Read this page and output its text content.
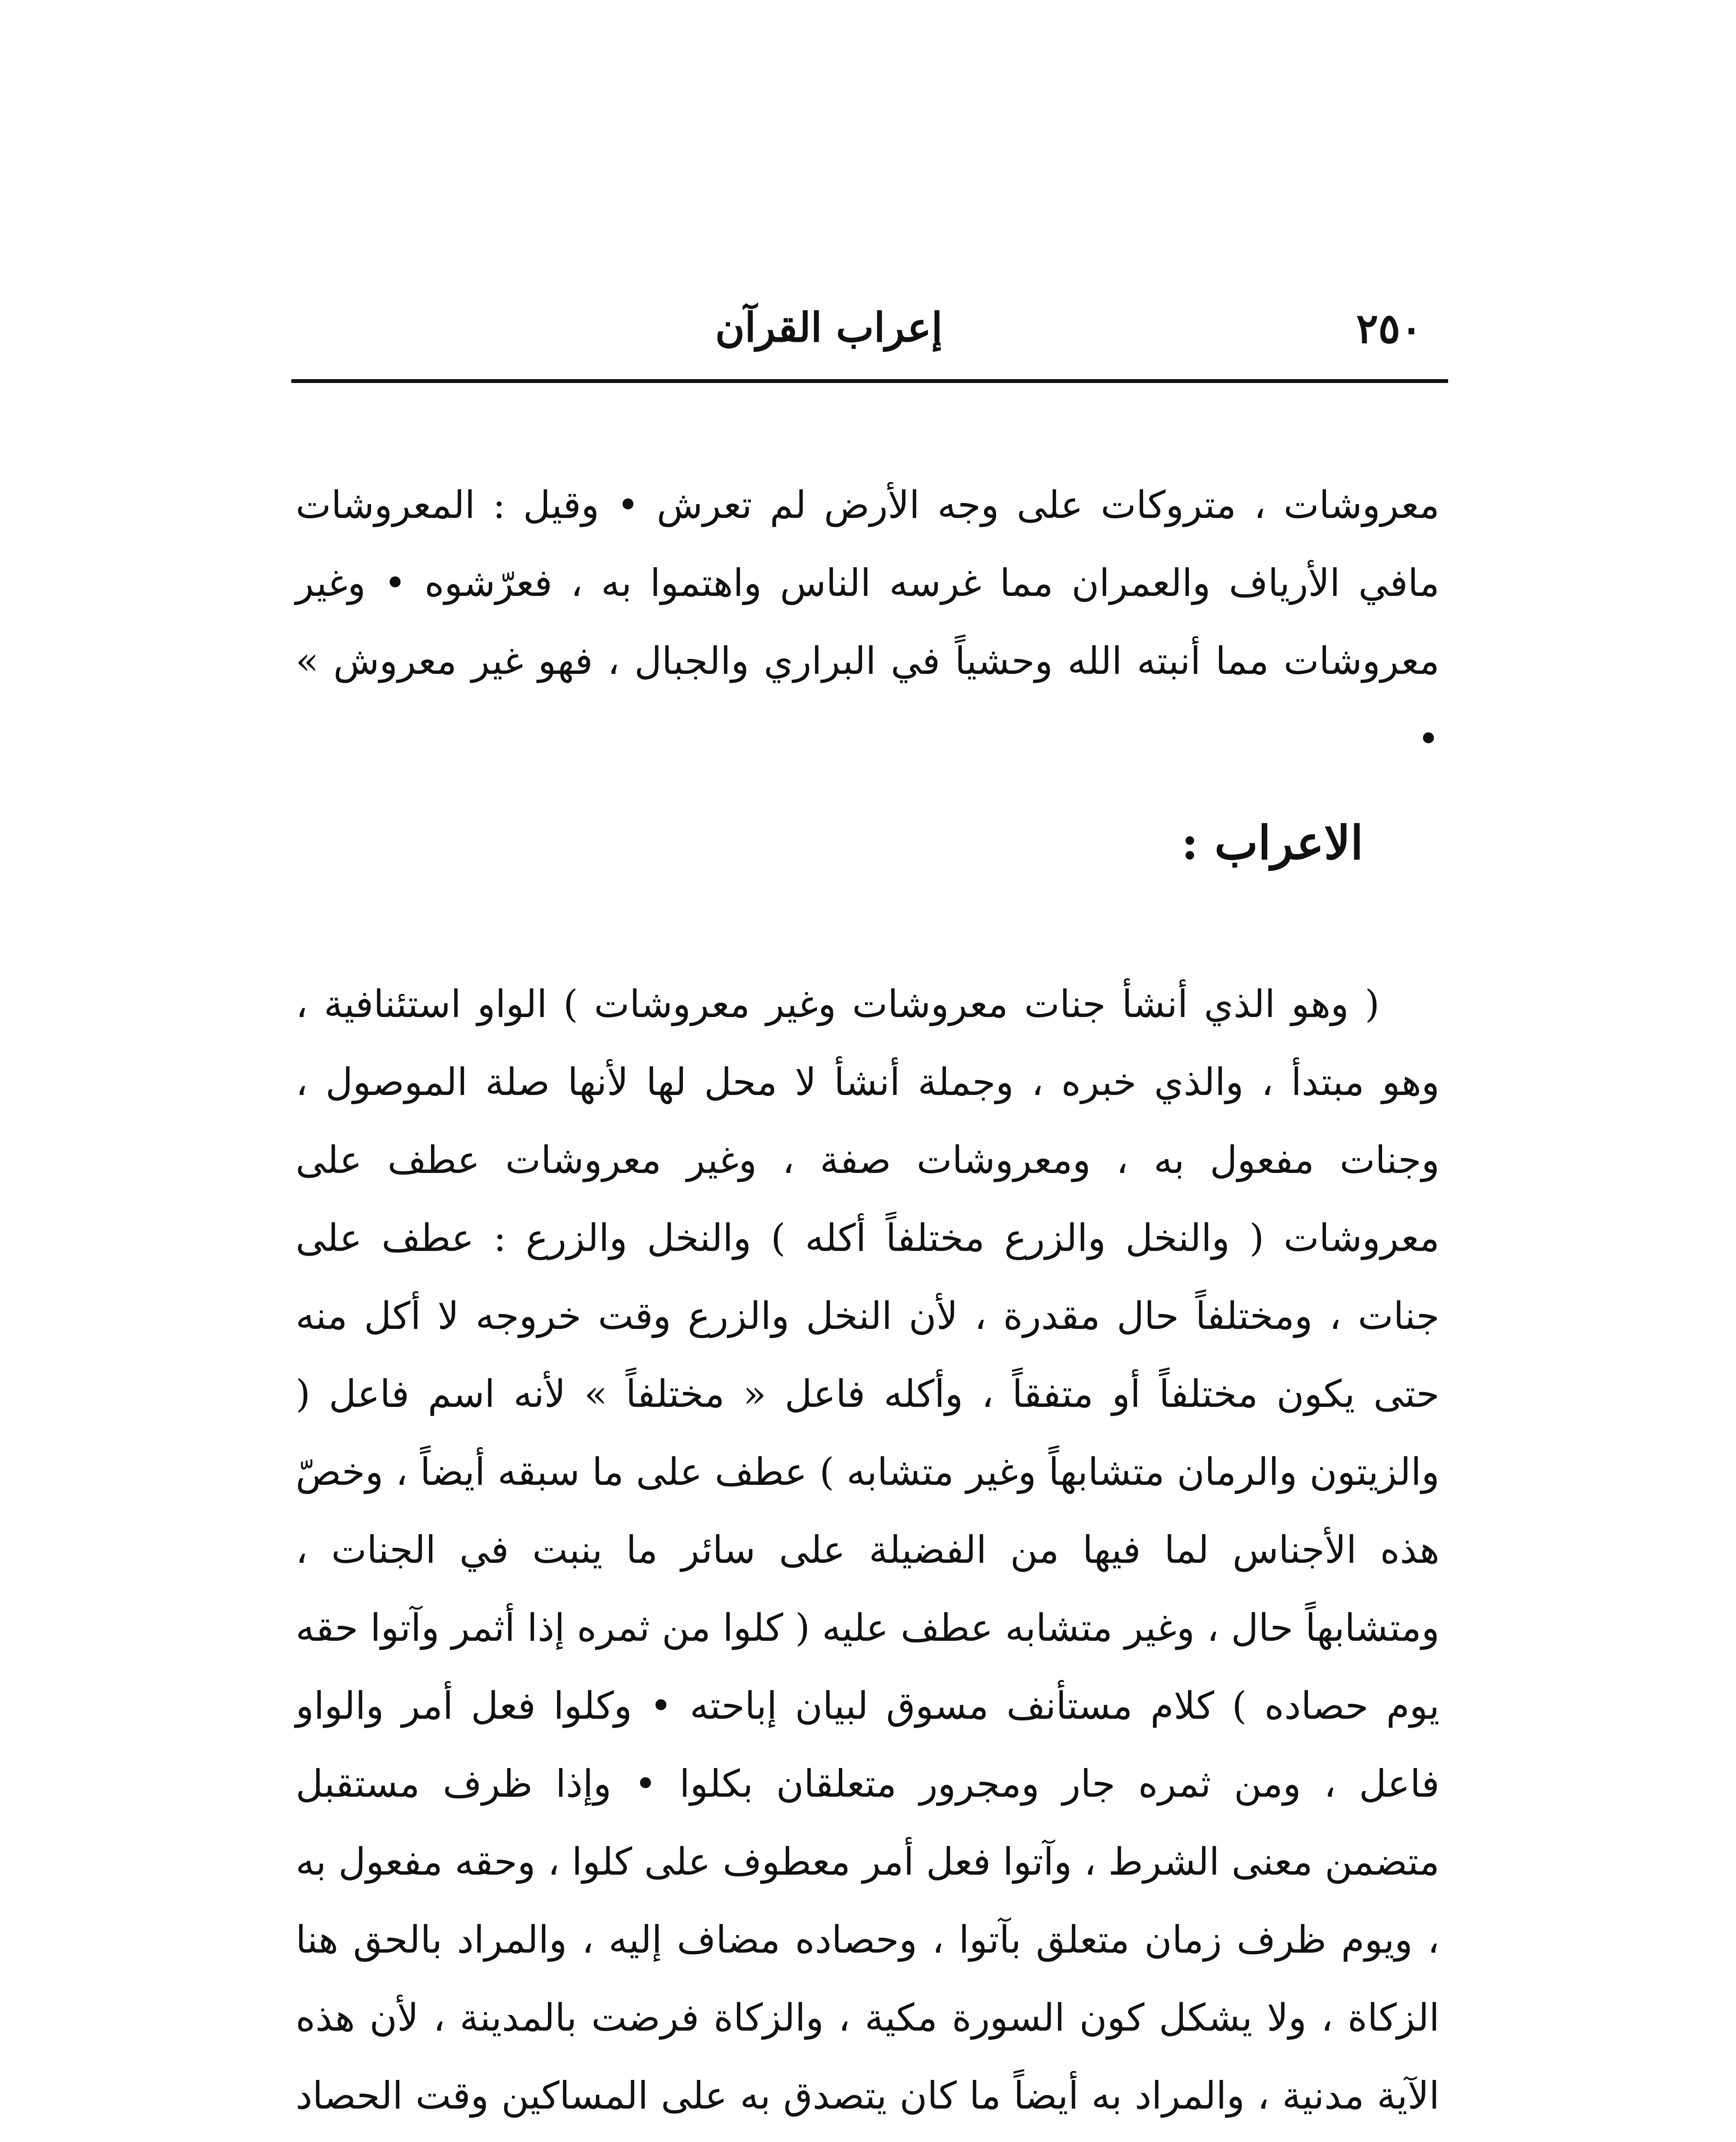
٢٥٠
إعراب القرآن

معروشات ، متروكات على وجه الأرض لم تعرش • وقيل : المعروشات مافي الأرياف والعمران مما غرسه الناس واهتموا به ، فعرّشوه • وغير معروشات مما أنبته الله وحشياً في البراري والجبال ، فهو غير معروش » •

الاعراب :

( وهو الذي أنشأ جنات معروشات وغير معروشات ) الواو استئنافية ، وهو مبتدأ ، والذي خبره ، وجملة أنشأ لا محل لها لأنها صلة الموصول ، وجنات مفعول به ، ومعروشات صفة ، وغير معروشات عطف على معروشات ( والنخل والزرع مختلفاً أكله ) والنخل والزرع : عطف على جنات ، ومختلفاً حال مقدرة ، لأن النخل والزرع وقت خروجه لا أكل منه حتى يكون مختلفاً أو متفقاً ، وأكله فاعل « مختلفاً » لأنه اسم فاعل ( والزيتون والرمان متشابهاً وغير متشابه ) عطف على ما سبقه أيضاً ، وخصّ هذه الأجناس لما فيها من الفضيلة على سائر ما ينبت في الجنات ، ومتشابهاً حال ، وغير متشابه عطف عليه ( كلوا من ثمره إذا أثمر وآتوا حقه يوم حصاده ) كلام مستأنف مسوق لبيان إباحته • وكلوا فعل أمر والواو فاعل ، ومن ثمره جار ومجرور متعلقان بكلوا • وإذا ظرف مستقبل متضمن معنى الشرط ، وآتوا فعل أمر معطوف على كلوا ، وحقه مفعول به ، ويوم ظرف زمان متعلق بآتوا ، وحصاده مضاف إليه ، والمراد بالحق هنا الزكاة ، ولا يشكل كون السورة مكية ، والزكاة فرضت بالمدينة ، لأن هذه الآية مدنية ، والمراد به أيضاً ما كان يتصدق به على المساكين وقت الحصاد
